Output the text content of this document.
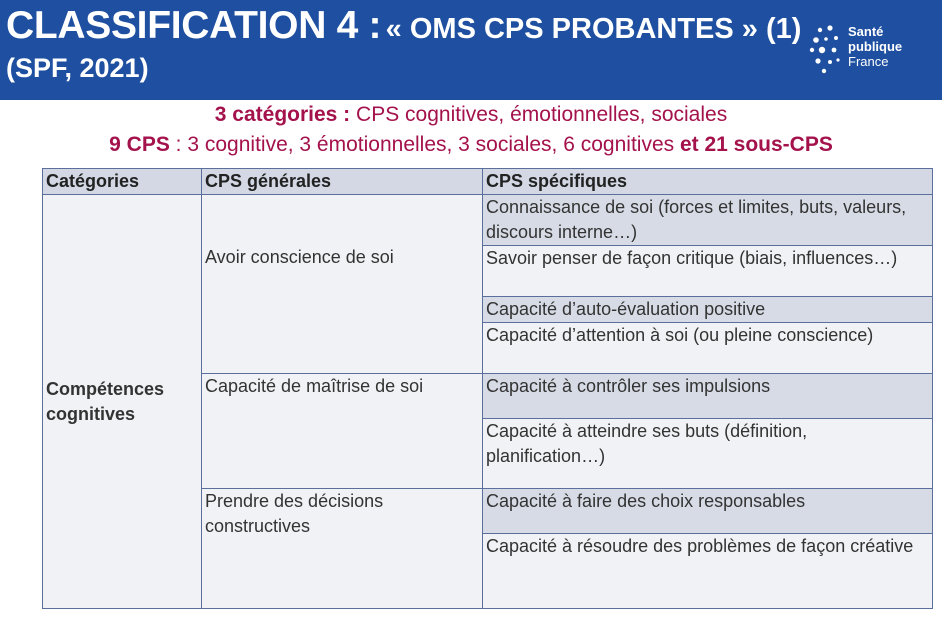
CLASSIFICATION 4 : « OMS CPS PROBANTES » (1)
(SPF, 2021)
Santé
publique
France
3 catégories : CPS cognitives, émotionnelles, sociales
9 CPS : 3 cognitive, 3 émotionnelles, 3 sociales, 6 cognitives et 21 sous-CPS
Catégories	CPS générales	CPS spécifiques
Compétences cognitives	Avoir conscience de soi	Connaissance de soi (forces et limites, buts, valeurs, discours interne…)
		Savoir penser de façon critique (biais, influences…)
		Capacité d’auto-évaluation positive
		Capacité d’attention à soi (ou pleine conscience)
	Capacité de maîtrise de soi	Capacité à contrôler ses impulsions
		Capacité à atteindre ses buts (définition, planification…)
	Prendre des décisions constructives	Capacité à faire des choix responsables
		Capacité à résoudre des problèmes de façon créative
